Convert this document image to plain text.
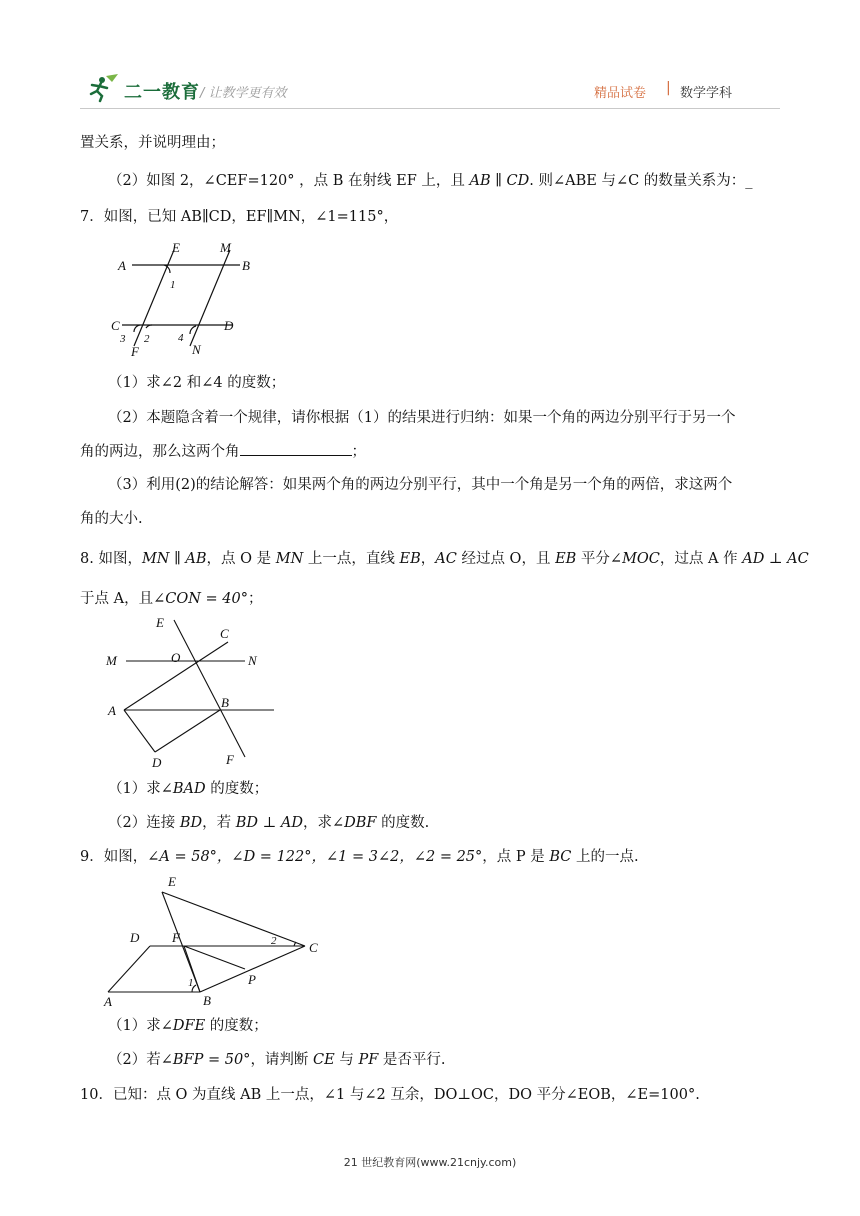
二一教育 / 让教学更有效	精品试卷 | 数学学科
置关系，并说明理由；
（2）如图 2，∠CEF=120° ，点 B 在射线 EF 上，且 AB ∥ CD. 则∠ABE 与∠C 的数量关系为：_
7．如图，已知 AB∥CD，EF∥MN，∠1=115°，
A
E	M
B
1
C	D
3 2
F
4
N
（1）求∠2 和∠4 的度数；
（2）本题隐含着一个规律，请你根据（1）的结果进行归纳：如果一个角的两边分别平行于另一个
角的两边，那么这两个角	；
（3）利用(2)的结论解答：如果两个角的两边分别平行，其中一个角是另一个角的两倍，求这两个
角的大小.
8. 如图，MN ∥ AB，点 O 是 MN 上一点，直线 EB，AC 经过点 O，且 EB 平分∠MOC，过点 A 作 AD ⊥ AC
于点 A，且∠CON = 40°；
E
C
M	O	N
A
B
D	F
（1）求∠BAD 的度数；
（2）连接 BD，若 BD ⊥ AD，求∠DBF 的度数.
9．如图，∠A = 58°，∠D = 122°，∠1 = 3∠2，∠2 = 25°，点 P 是 BC 上的一点.
E
D	F	2	C
P
1
A	B
（1）求∠DFE 的度数；
（2）若∠BFP = 50°，请判断 CE 与 PF 是否平行.
10．已知：点 O 为直线 AB 上一点，∠1 与∠2 互余，DO⊥OC，DO 平分∠EOB，∠E=100°.
21 世纪教育网(www.21cnjy.com)
